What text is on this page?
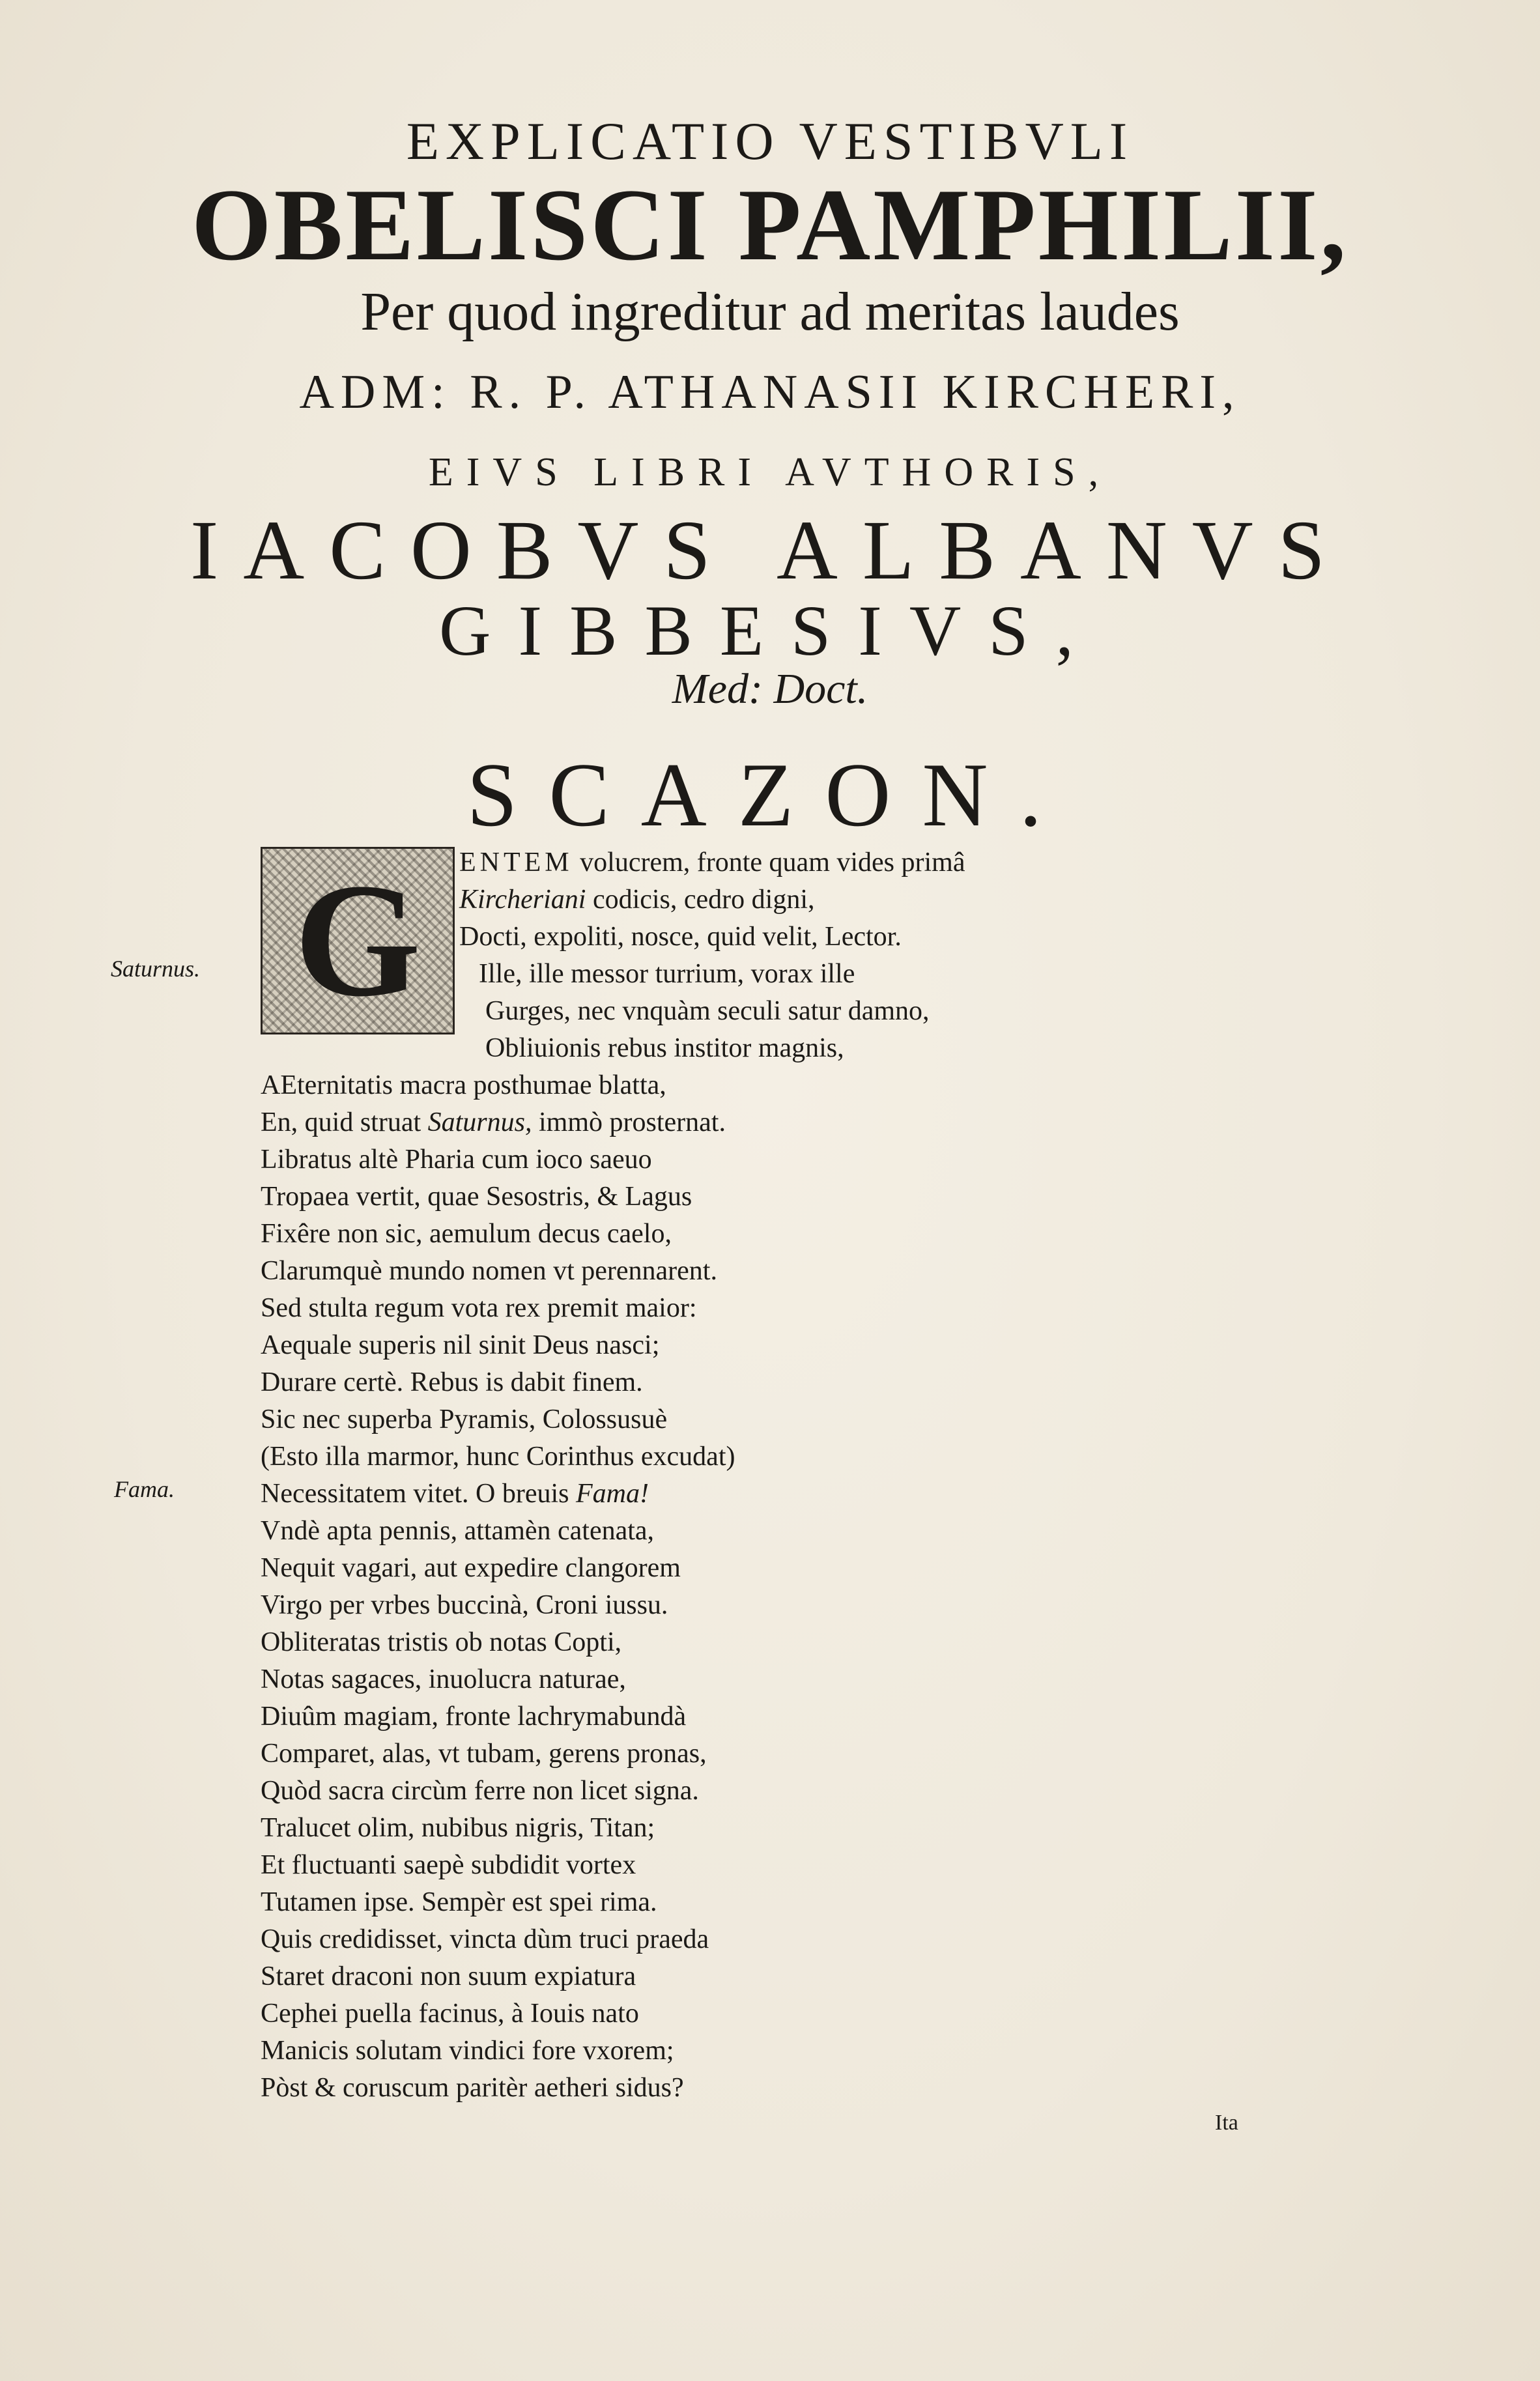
EXPLICATIO VESTIBVLI
OBELISCI PAMPHILII,
Per quod ingreditur ad meritas laudes
ADM: R. P. ATHANASII KIRCHERI,
EIVS LIBRI AVTHORIS,
IACOBVS ALBANVS
GIBBESIVS,
Med: Doct.
SCAZON.
G	ENTEM volucrem, fronte quam vides primâ
Kircheriani codicis, cedro digni,
Docti, expoliti, nosce, quid velit, Lector.
Ille, ille messor turrium, vorax ille
Gurges, nec vnquàm seculi satur damno,
Obliuionis rebus institor magnis,
AEternitatis macra posthumae blatta,
En, quid struat Saturnus, immò prosternat.
Libratus altè Pharia cum ioco saeuo
Tropaea vertit, quae Sesostris, & Lagus
Fixêre non sic, aemulum decus caelo,
Clarumquè mundo nomen vt perennarent.
Sed stulta regum vota rex premit maior:
Aequale superis nil sinit Deus nasci;
Durare certè. Rebus is dabit finem.
Sic nec superba Pyramis, Colossusuè
(Esto illa marmor, hunc Corinthus excudat)
Necessitatem vitet. O breuis Fama!
Vndè apta pennis, attamèn catenata,
Nequit vagari, aut expedire clangorem
Virgo per vrbes buccinà, Croni iussu.
Obliteratas tristis ob notas Copti,
Notas sagaces, inuolucra naturae,
Diuûm magiam, fronte lachrymabundà
Comparet, alas, vt tubam, gerens pronas,
Quòd sacra circùm ferre non licet signa.
Tralucet olim, nubibus nigris, Titan;
Et fluctuanti saepè subdidit vortex
Tutamen ipse. Sempèr est spei rima.
Quis credidisset, vincta dùm truci praeda
Staret draconi non suum expiatura
Cephei puella facinus, à Iouis nato
Manicis solutam vindici fore vxorem;
Pòst & coruscum paritèr aetheri sidus?
Saturnus.
Fama.
Ita
